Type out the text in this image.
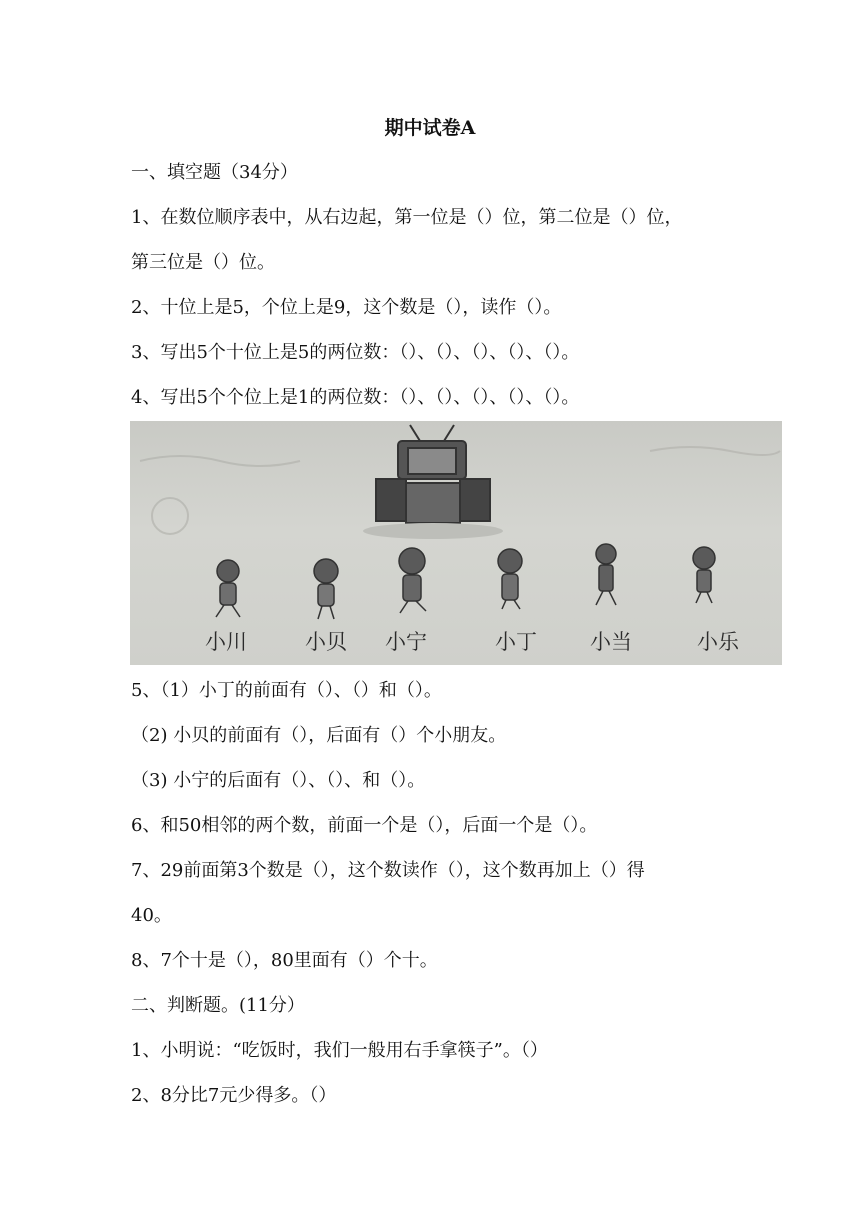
期中试卷A
一、填空题（34分）
1、在数位顺序表中，从右边起，第一位是（）位，第二位是（）位，
第三位是（）位。
2、十位上是5，个位上是9，这个数是（），读作（）。
3、写出5个十位上是5的两位数：（）、（）、（）、（）、（）。
4、写出5个个位上是1的两位数：（）、（）、（）、（）、（）。
小川	小贝 小宁	小丁	小当	小乐
5、（1）小丁的前面有（）、（）和（）。
（2) 小贝的前面有（），后面有（）个小朋友。
（3) 小宁的后面有（）、（）、和（）。
6、和50相邻的两个数，前面一个是（），后面一个是（）。
7、29前面第3个数是（），这个数读作（），这个数再加上（）得
40。
8、7个十是（），80里面有（）个十。
二、判断题。(11分）
1、小明说：“吃饭时，我们一般用右手拿筷子”。（）
2、8分比7元少得多。（）
